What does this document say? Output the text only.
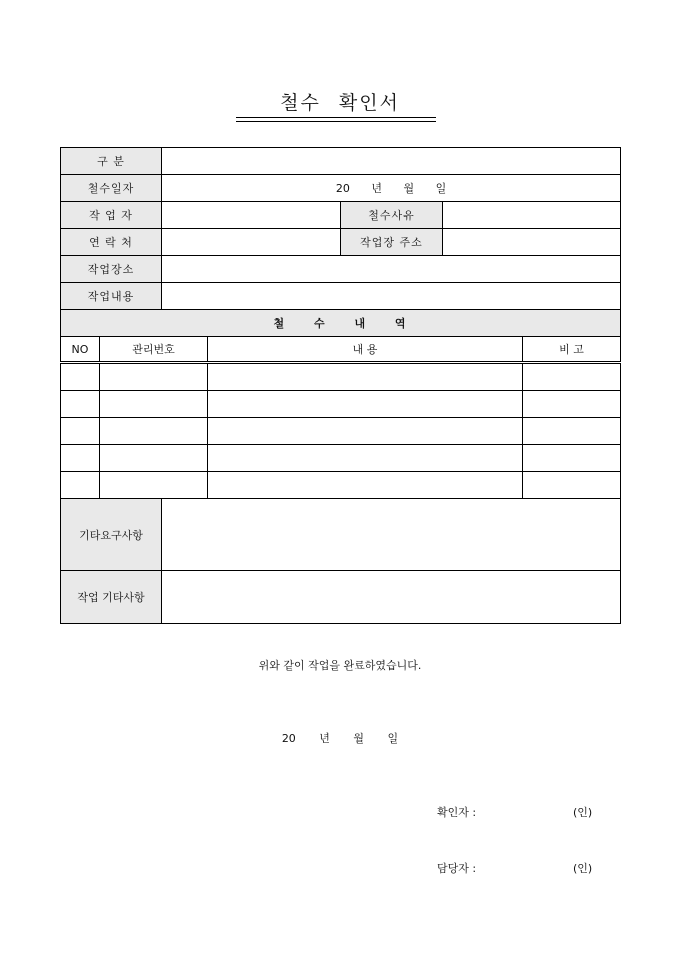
철수 확인서
구 분						
철수일자		20 년 월 일				
작 업 자				철수사유		
연 락 처				작업장 주소		
작업장소						
작업내용						
철 수 내 역						
NO	관리번호		내 용			비 고

기타요구사항						
작업 기타사항						
위와 같이 작업을 완료하였습니다.
20 년 월 일
확인자 :	(인)
담당자 :	(인)
